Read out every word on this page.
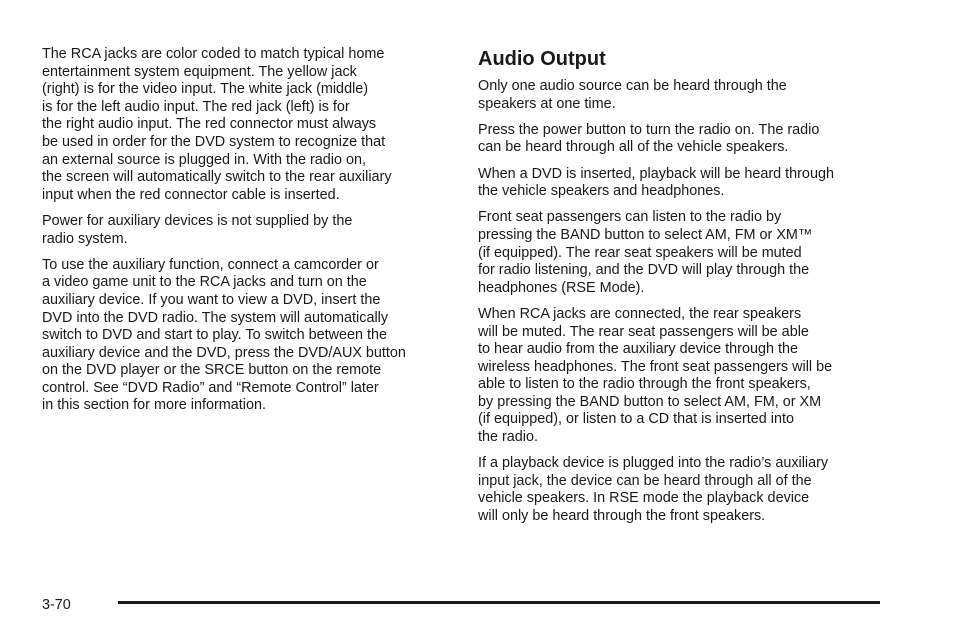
The RCA jacks are color coded to match typical home
entertainment system equipment. The yellow jack
(right) is for the video input. The white jack (middle)
is for the left audio input. The red jack (left) is for
the right audio input. The red connector must always
be used in order for the DVD system to recognize that
an external source is plugged in. With the radio on,
the screen will automatically switch to the rear auxiliary
input when the red connector cable is inserted.

Power for auxiliary devices is not supplied by the
radio system.

To use the auxiliary function, connect a camcorder or
a video game unit to the RCA jacks and turn on the
auxiliary device. If you want to view a DVD, insert the
DVD into the DVD radio. The system will automatically
switch to DVD and start to play. To switch between the
auxiliary device and the DVD, press the DVD/AUX button
on the DVD player or the SRCE button on the remote
control. See “DVD Radio” and “Remote Control” later
in this section for more information.

Audio Output

Only one audio source can be heard through the
speakers at one time.

Press the power button to turn the radio on. The radio
can be heard through all of the vehicle speakers.

When a DVD is inserted, playback will be heard through
the vehicle speakers and headphones.

Front seat passengers can listen to the radio by
pressing the BAND button to select AM, FM or XM™
(if equipped). The rear seat speakers will be muted
for radio listening, and the DVD will play through the
headphones (RSE Mode).

When RCA jacks are connected, the rear speakers
will be muted. The rear seat passengers will be able
to hear audio from the auxiliary device through the
wireless headphones. The front seat passengers will be
able to listen to the radio through the front speakers,
by pressing the BAND button to select AM, FM, or XM
(if equipped), or listen to a CD that is inserted into
the radio.

If a playback device is plugged into the radio’s auxiliary
input jack, the device can be heard through all of the
vehicle speakers. In RSE mode the playback device
will only be heard through the front speakers.

3-70
